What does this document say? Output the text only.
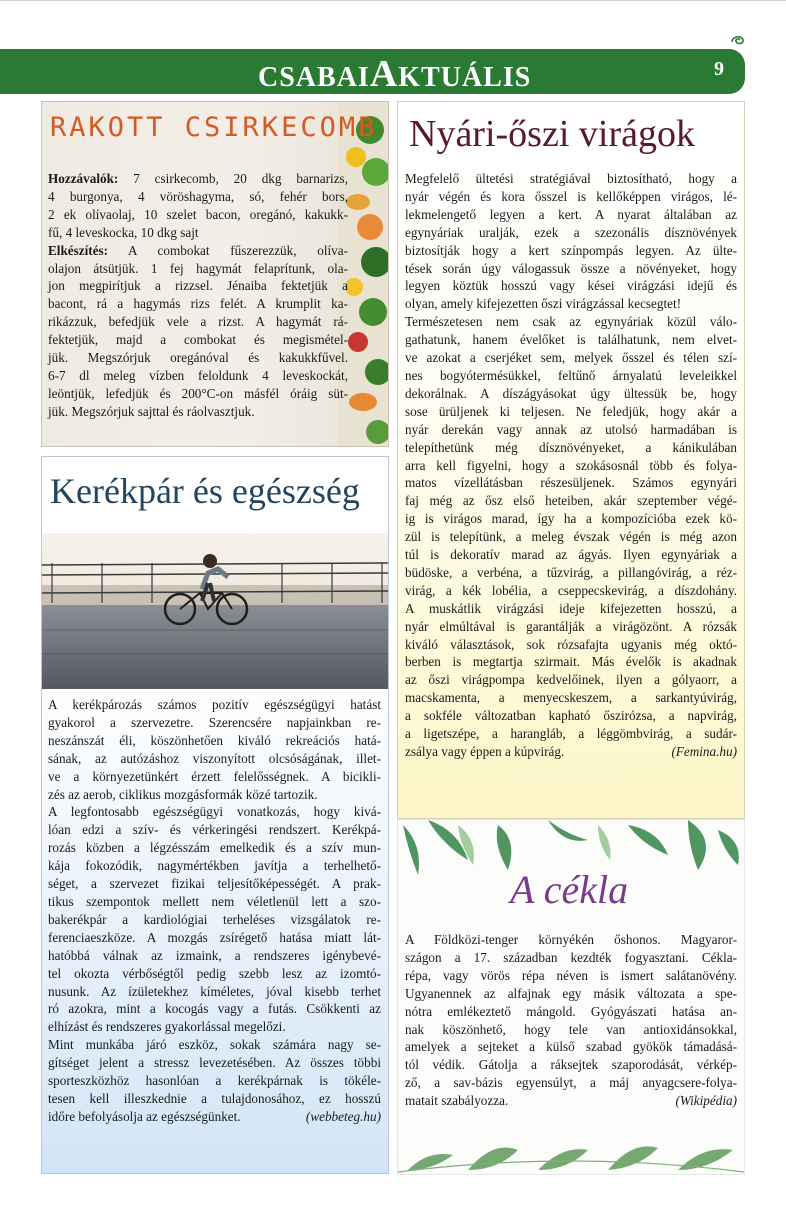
CSABAIAKTUÁLIS	9
RAKOTT CSIRKECOMB

Hozzávalók: 7 csirkecomb, 20 dkg barnarizs,

4 burgonya, 4 vöröshagyma, só, fehér bors,

2 ek olívaolaj, 10 szelet bacon, oregánó, kakukk-

fű, 4 leveskocka, 10 dkg sajt

Elkészítés: A combokat fűszerezzük, olíva-

olajon átsütjük. 1 fej hagymát felaprítunk, ola-

jon megpirítjuk a rizzsel. Jénaiba fektetjük a

bacont, rá a hagymás rizs felét. A krumplit ka-

rikázzuk, befedjük vele a rizst. A hagymát rá-

fektetjük, majd a combokat és megismétel-

jük. Megszórjuk oregánóval és kakukkfűvel.

6-7 dl meleg vízben feloldunk 4 leveskockát,

leöntjük, lefedjük és 200°C-on másfél óráig süt-

jük. Megszórjuk sajttal és ráolvasztjuk.

Kerékpár és egészség

A kerékpározás számos pozitív egészségügyi hatást

gyakorol a szervezetre. Szerencsére napjainkban re-

neszánszát éli, köszönhetően kiváló rekreációs hatá-

sának, az autózáshoz viszonyított olcsóságának, illet-

ve a környezetünkért érzett felelősségnek. A bicikli-

zés az aerob, ciklikus mozgásformák közé tartozik.

A legfontosabb egészségügyi vonatkozás, hogy kivá-

lóan edzi a szív- és vérkeringési rendszert. Kerékpá-

rozás közben a légzésszám emelkedik és a szív mun-

kája fokozódik, nagymértékben javítja a terhelhető-

séget, a szervezet fizikai teljesítőképességét. A prak-

tikus szempontok mellett nem véletlenül lett a szo-

bakerékpár a kardiológiai terheléses vizsgálatok re-

ferenciaeszköze. A mozgás zsírégető hatása miatt lát-

hatóbbá válnak az izmaink, a rendszeres igénybevé-

tel okozta vérbőségtől pedig szebb lesz az izomtó-

nusunk. Az ízületekhez kíméletes, jóval kisebb terhet

ró azokra, mint a kocogás vagy a futás. Csökkenti az

elhízást és rendszeres gyakorlással megelőzi.

Mint munkába járó eszköz, sokak számára nagy se-

gítséget jelent a stressz levezetésében. Az összes többi

sporteszközhöz hasonlóan a kerékpárnak is tökéle-

tesen kell illeszkednie a tulajdonosához, ez hosszú

időre befolyásolja az egészségünket.	(webbeteg.hu)

Nyári-őszi virágok

Megfelelő ültetési stratégiával biztosítható, hogy a

nyár végén és kora ősszel is kellőképpen virágos, lé-

lekmelengető legyen a kert. A nyarat általában az

egynyáriak uralják, ezek a szezonális dísznövények

biztosítják hogy a kert színpompás legyen. Az ülte-

tések során úgy válogassuk össze a növényeket, hogy

legyen köztük hosszú vagy kései virágzási idejű és

olyan, amely kifejezetten őszi virágzással kecsegtet!

Természetesen nem csak az egynyáriak közül válo-

gathatunk, hanem évelőket is találhatunk, nem elvet-

ve azokat a cserjéket sem, melyek ősszel és télen szí-

nes bogyótermésükkel, feltűnő árnyalatú leveleikkel

dekorálnak. A díszágyásokat úgy ültessük be, hogy

sose ürüljenek ki teljesen. Ne feledjük, hogy akár a

nyár derekán vagy annak az utolsó harmadában is

telepíthetünk még dísznövényeket, a kánikulában

arra kell figyelni, hogy a szokásosnál több és folya-

matos vízellátásban részesüljenek. Számos egynyári

faj még az ősz első heteiben, akár szeptember végé-

ig is virágos marad, így ha a kompozícióba ezek kö-

zül is telepítünk, a meleg évszak végén is még azon

túl is dekoratív marad az ágyás. Ilyen egynyáriak a

büdöske, a verbéna, a tűzvirág, a pillangóvirág, a réz-

virág, a kék lobélia, a cseppecskevirág, a díszdohány.

A muskátlik virágzási ideje kifejezetten hosszú, a

nyár elmúltával is garantálják a virágözönt. A rózsák

kiváló választások, sok rózsafajta ugyanis még októ-

berben is megtartja szirmait. Más évelők is akadnak

az őszi virágpompa kedvelőinek, ilyen a gólyaorr, a

macskamenta, a menyecskeszem, a sarkantyúvirág,

a sokféle változatban kapható őszirózsa, a napvirág,

a ligetszépe, a harangláb, a léggömbvirág, a sudár-

zsálya vagy éppen a kúpvirág.	(Femina.hu)

A cékla

A Földközi-tenger környékén őshonos. Magyaror-

szágon a 17. században kezdték fogyasztani. Cékla-

répa, vagy vörös répa néven is ismert salátanövény.

Ugyanennek az alfajnak egy másik változata a spe-

nótra emlékeztető mángold. Gyógyászati hatása an-

nak köszönhető, hogy tele van antioxidánsokkal,

amelyek a sejteket a külső szabad gyökök támadásá-

tól védik. Gátolja a ráksejtek szaporodását, vérkép-

ző, a sav-bázis egyensúlyt, a máj anyagcsere-folya-

matait szabályozza.	(Wikipédia)
